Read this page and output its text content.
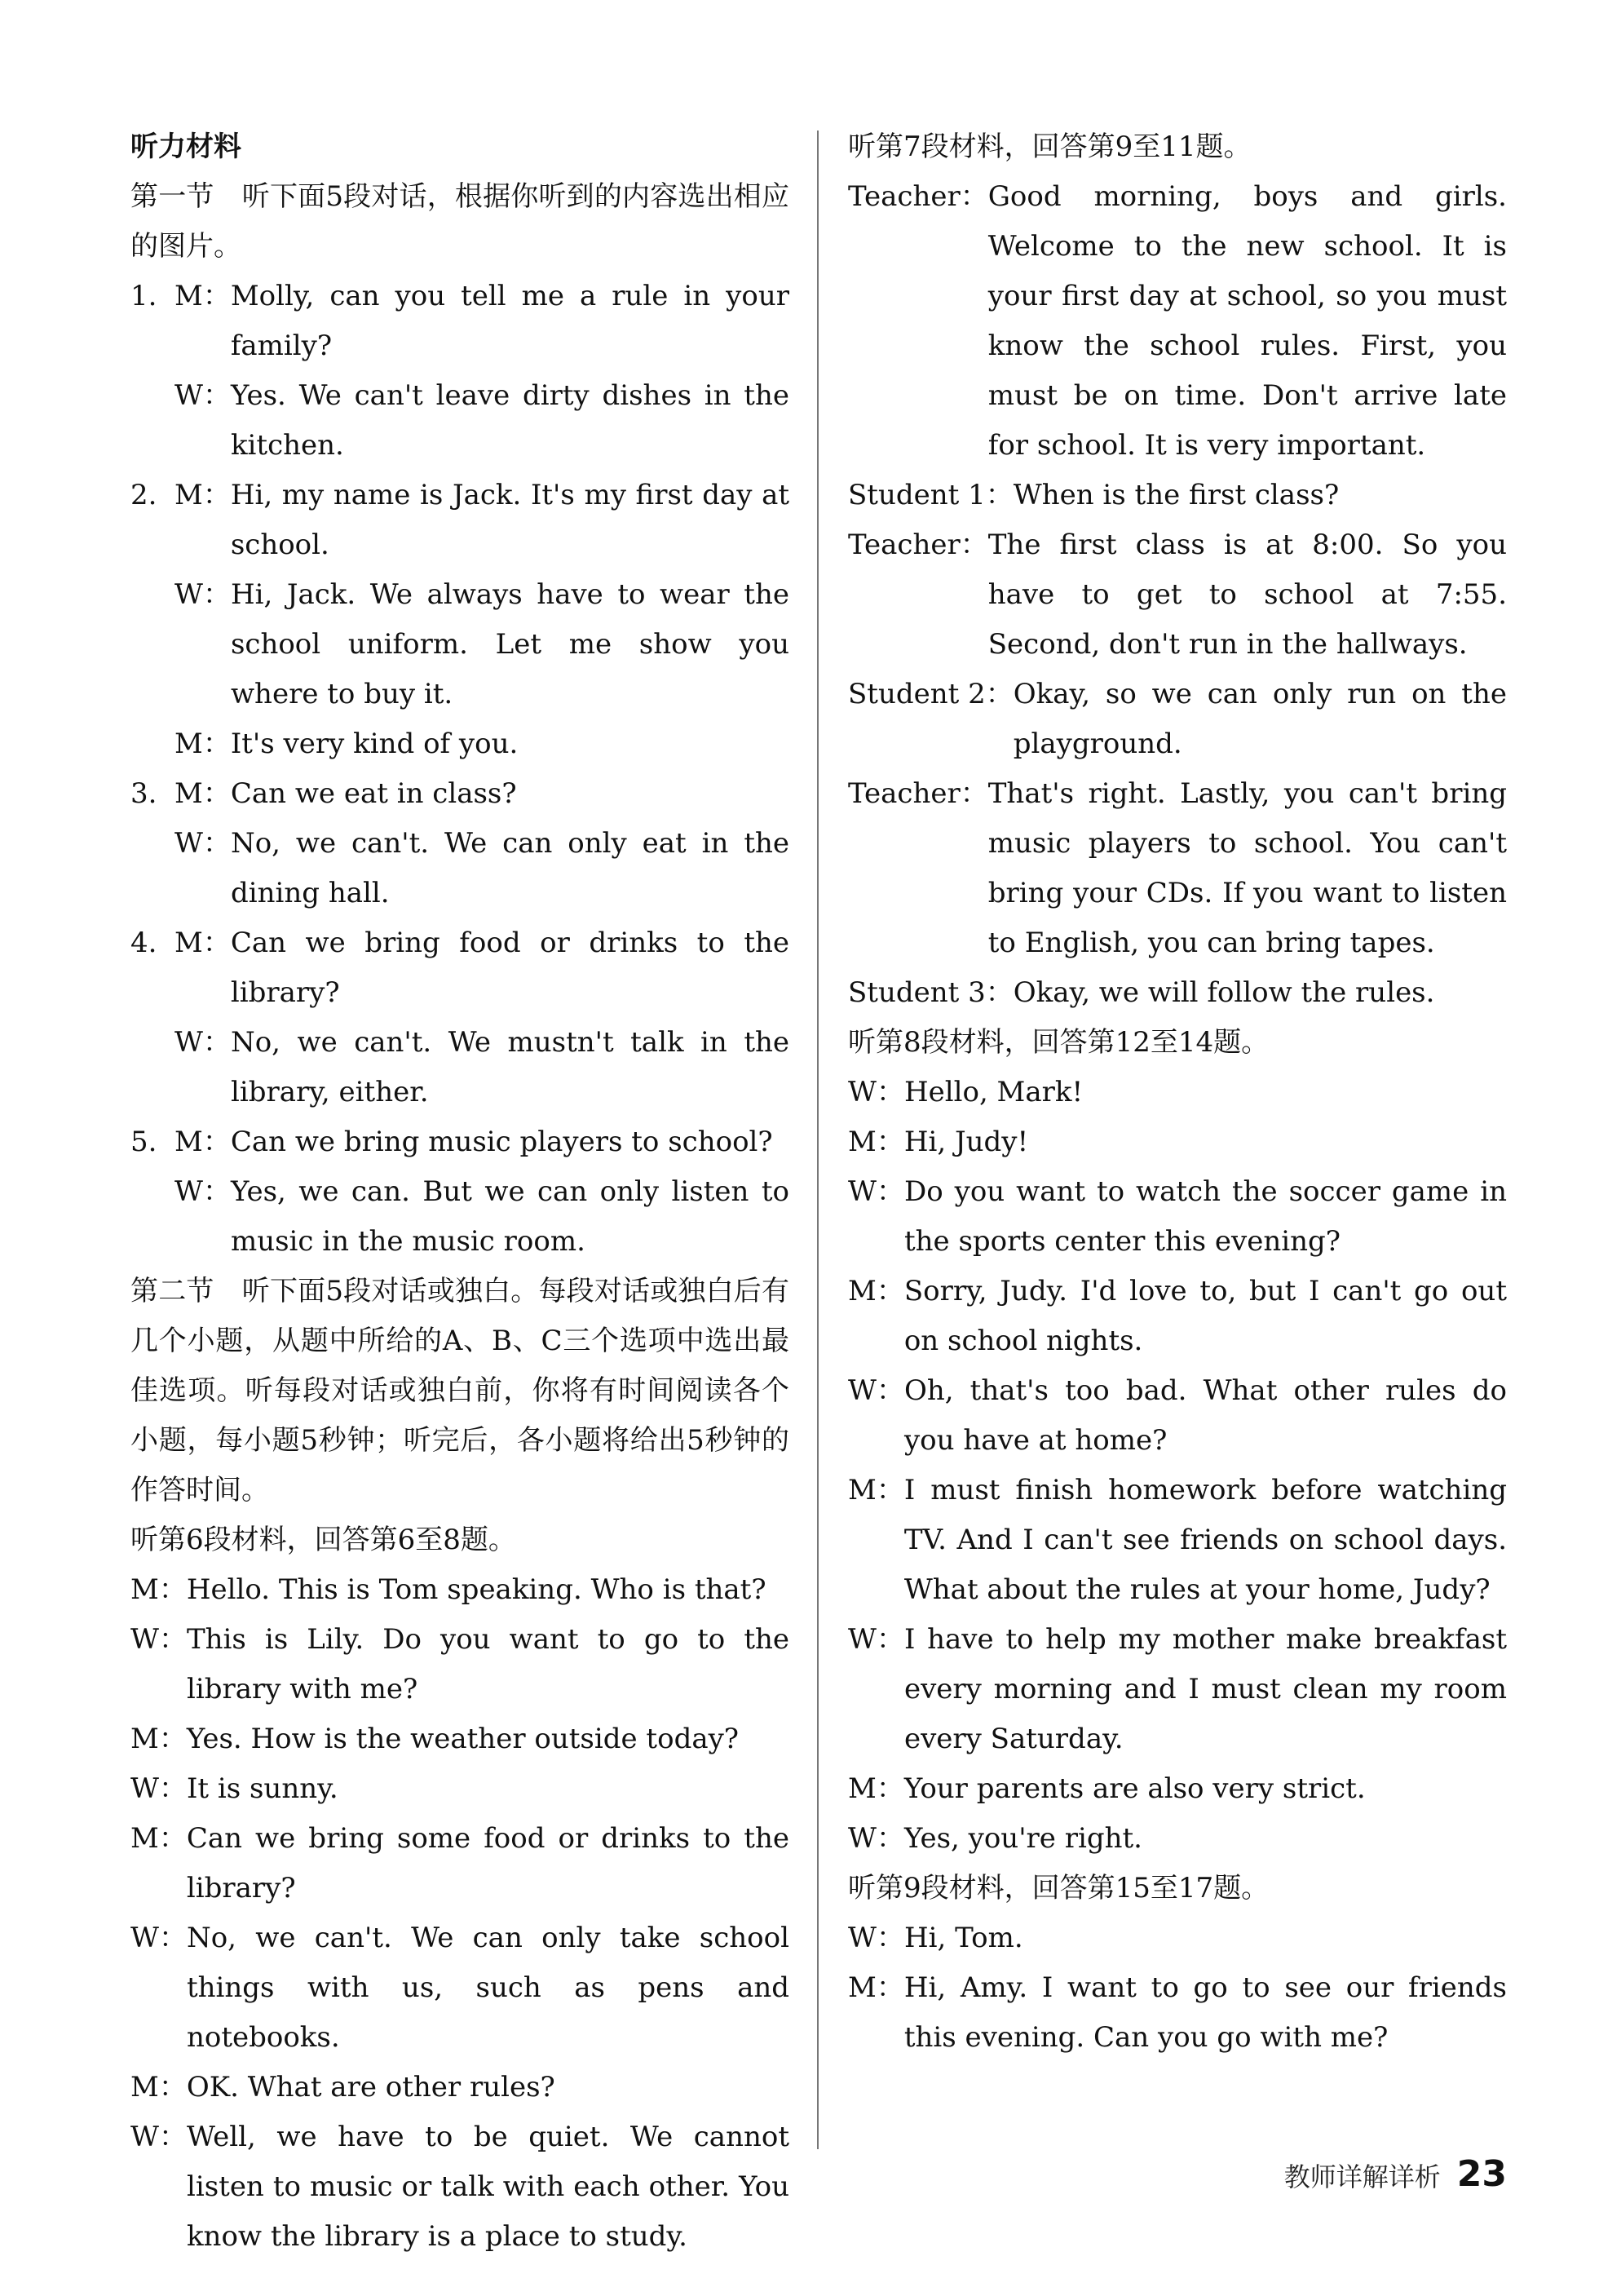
听力材料
第一节　听下面5段对话，根据你听到的内容选出相应的图片。
1. M： Molly, can you tell me a rule in your family?
W： Yes. We can't leave dirty dishes in the kitchen.
2. M： Hi, my name is Jack. It's my first day at school.
W： Hi, Jack. We always have to wear the school uniform. Let me show you where to buy it.
M： It's very kind of you.
3. M： Can we eat in class?
W： No, we can't. We can only eat in the dining hall.
4. M： Can we bring food or drinks to the library?
W： No, we can't. We mustn't talk in the library, either.
5. M： Can we bring music players to school?
W： Yes, we can. But we can only listen to music in the music room.
第二节　听下面5段对话或独白。每段对话或独白后有几个小题，从题中所给的A、B、C三个选项中选出最佳选项。听每段对话或独白前，你将有时间阅读各个小题，每小题5秒钟；听完后，各小题将给出5秒钟的作答时间。
听第6段材料，回答第6至8题。
M： Hello. This is Tom speaking. Who is that?
W： This is Lily. Do you want to go to the library with me?
M： Yes. How is the weather outside today?
W： It is sunny.
M： Can we bring some food or drinks to the library?
W： No, we can't. We can only take school things with us, such as pens and notebooks.
M： OK. What are other rules?
W： Well, we have to be quiet. We cannot listen to music or talk with each other. You know the library is a place to study.
听第7段材料，回答第9至11题。
Teacher： Good morning, boys and girls. Welcome to the new school. It is your first day at school, so you must know the school rules. First, you must be on time. Don't arrive late for school. It is very important.
Student 1： When is the first class?
Teacher： The first class is at 8:00. So you have to get to school at 7:55. Second, don't run in the hallways.
Student 2： Okay, so we can only run on the playground.
Teacher： That's right. Lastly, you can't bring music players to school. You can't bring your CDs. If you want to listen to English, you can bring tapes.
Student 3： Okay, we will follow the rules.
听第8段材料，回答第12至14题。
W： Hello, Mark!
M： Hi, Judy!
W： Do you want to watch the soccer game in the sports center this evening?
M： Sorry, Judy. I'd love to, but I can't go out on school nights.
W： Oh, that's too bad. What other rules do you have at home?
M： I must finish homework before watching TV. And I can't see friends on school days. What about the rules at your home, Judy?
W： I have to help my mother make breakfast every morning and I must clean my room every Saturday.
M： Your parents are also very strict.
W： Yes, you're right.
听第9段材料，回答第15至17题。
W： Hi, Tom.
M： Hi, Amy. I want to go to see our friends this evening. Can you go with me?
教师详解详析 23
